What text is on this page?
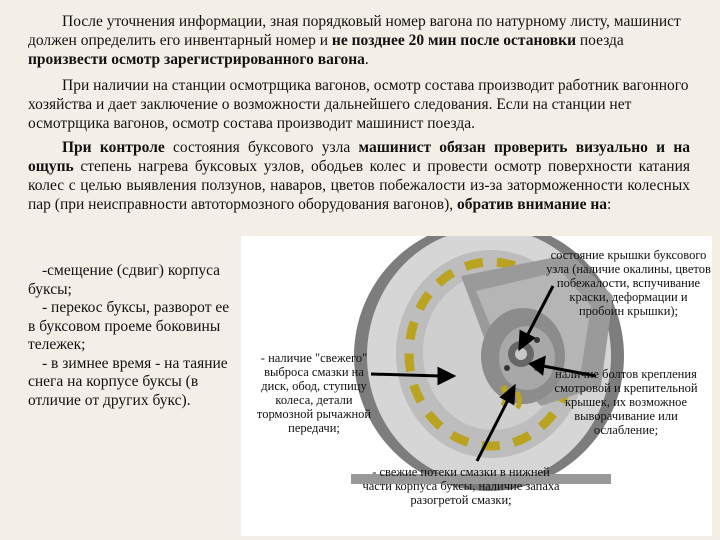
После уточнения информации, зная порядковый номер вагона по натурному листу, машинист должен определить его инвентарный номер и не позднее 20 мин после остановки поезда произвести осмотр зарегистрированного вагона.

При наличии на станции осмотрщика вагонов, осмотр состава производит работник вагонного хозяйства и дает заключение о возможности дальнейшего следования. Если на станции нет осмотрщика вагонов, осмотр состава производит машинист поезда.

При контроле состояния буксового узла машинист обязан проверить визуально и на ощупь степень нагрева буксовых узлов, ободьев колес и провести осмотр поверхности катания колес с целью выявления ползунов, наваров, цветов побежалости из-за заторможенности колесных пар (при неисправности автотормозного оборудования вагонов), обратив внимание на:

-смещение (сдвиг) корпуса буксы;

- перекос буксы, разворот ее в буксовом проеме боковины тележек;

- в зимнее время - на таяние снега на корпусе буксы (в отличие от других букс).

состояние крышки буксового узла (наличие окалины, цветов побежалости, вспучивание краски, деформации и пробоин крышки);
- наличие "свежего" выброса смазки на диск, обод, ступицу колеса, детали тормозной рычажной передачи;
наличие болтов крепления смотровой и крепительной крышек, их возможное выворачивание или ослабление;
- свежие потеки смазки в нижней части корпуса буксы, наличие запаха разогретой смазки;
